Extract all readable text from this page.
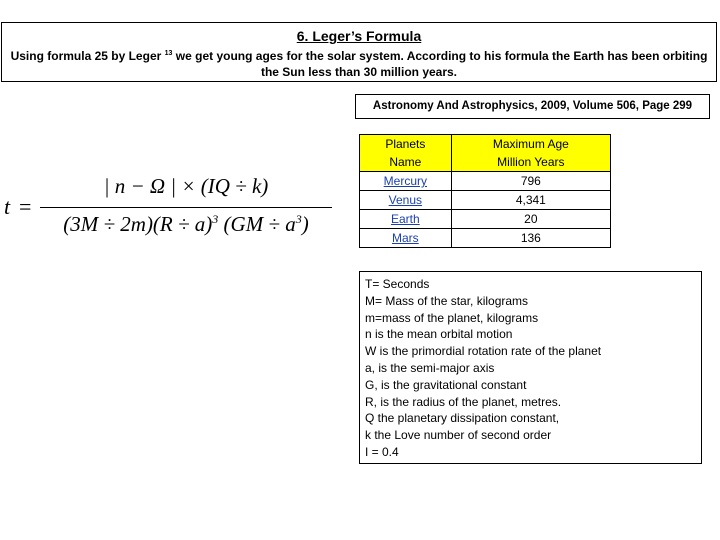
6. Leger’s Formula
Using formula 25 by Leger $^{13}$ we get young ages for the solar system. According to his formula the Earth has been orbiting the Sun less than 30 million years.
Astronomy And Astrophysics, 2009, Volume 506, Page 299
t =
| n − Ω | × (IQ ÷ k)
$(3M \div 2m)(R \div a)^3$ $(GM \div a^3)$
Planets	Maximum Age
Name	Million Years
Mercury	796
Venus	4,341
Earth	20
Mars	136
T= Seconds
M= Mass of the star, kilograms
m=mass of the planet, kilograms
n is the mean orbital motion
W is the primordial rotation rate of the planet
a, is the semi-major axis
G, is the gravitational constant
R, is the radius of the planet, metres.
Q the planetary dissipation constant,
k the Love number of second order
I = 0.4
